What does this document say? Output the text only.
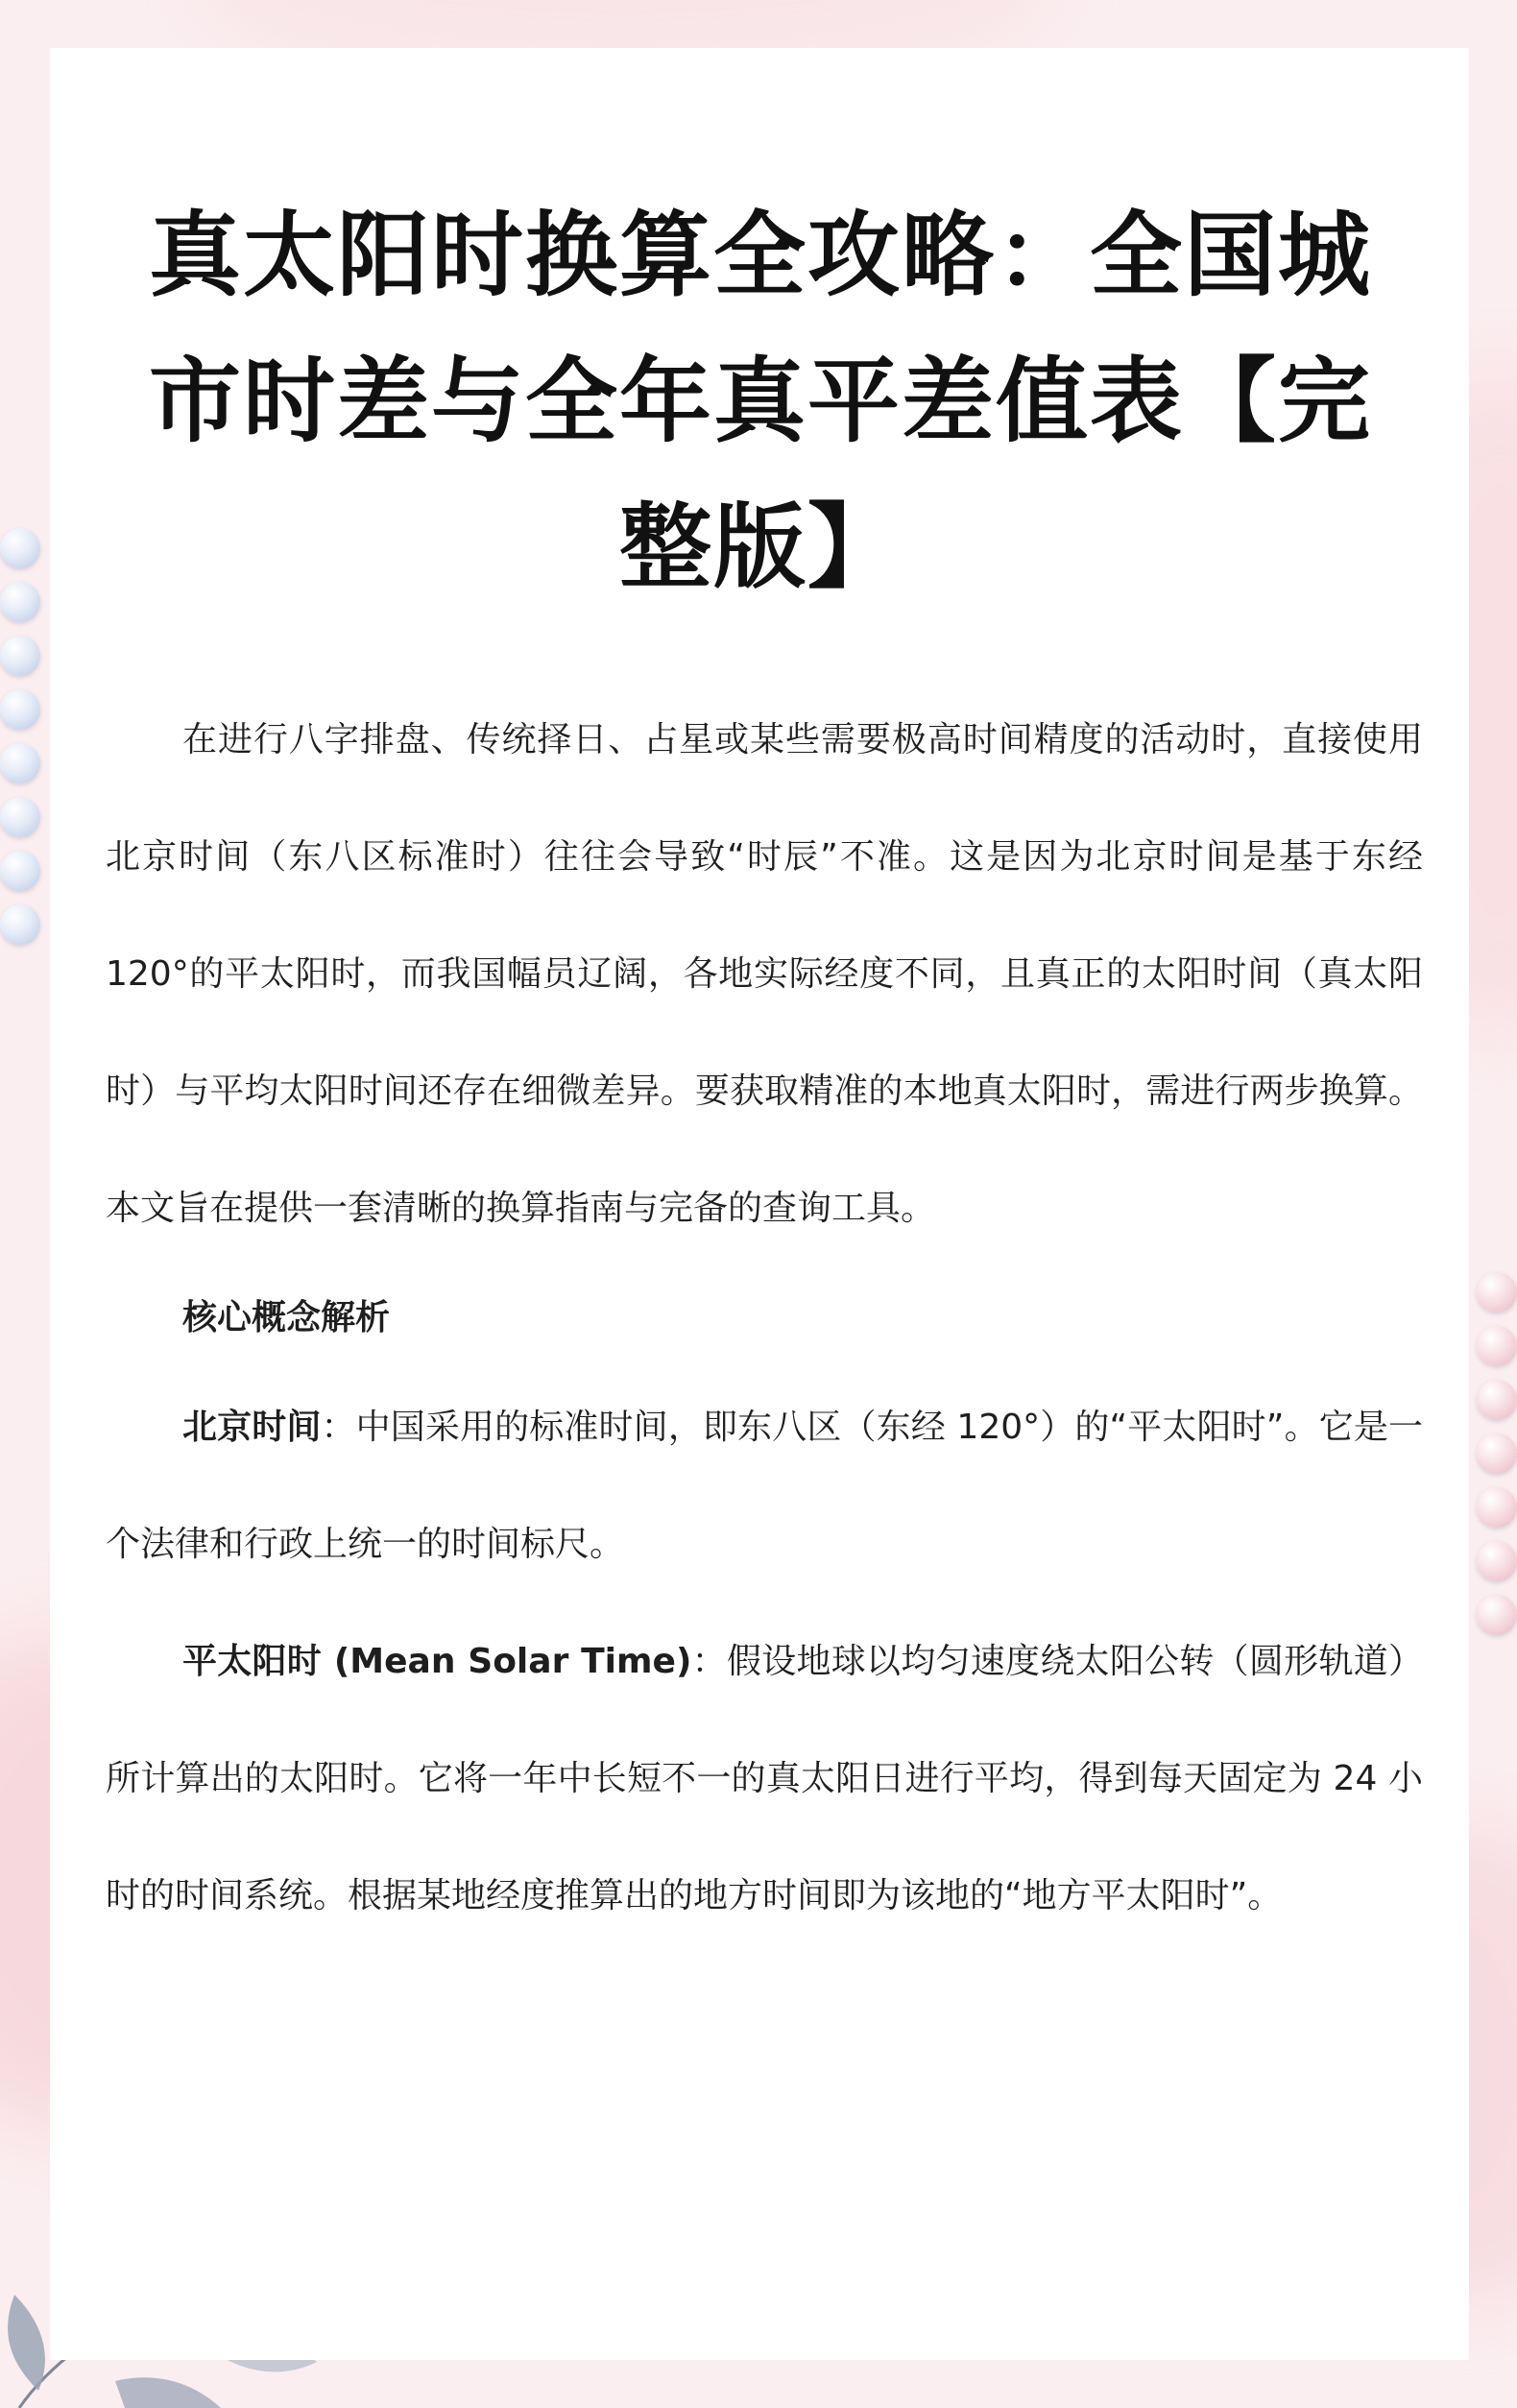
真太阳时换算全攻略：全国城市时差与全年真平差值表【完整版】

在进行八字排盘、传统择日、占星或某些需要极高时间精度的活动时，直接使用北京时间（东八区标准时）往往会导致“时辰”不准。这是因为北京时间是基于东经 120°的平太阳时，而我国幅员辽阔，各地实际经度不同，且真正的太阳时间（真太阳时）与平均太阳时间还存在细微差异。要获取精准的本地真太阳时，需进行两步换算。本文旨在提供一套清晰的换算指南与完备的查询工具。

核心概念解析

北京时间：中国采用的标准时间，即东八区（东经 120°）的“平太阳时”。它是一个法律和行政上统一的时间标尺。

平太阳时 (Mean Solar Time)：假设地球以均匀速度绕太阳公转（圆形轨道）所计算出的太阳时。它将一年中长短不一的真太阳日进行平均，得到每天固定为 24 小时的时间系统。根据某地经度推算出的地方时间即为该地的“地方平太阳时”。
